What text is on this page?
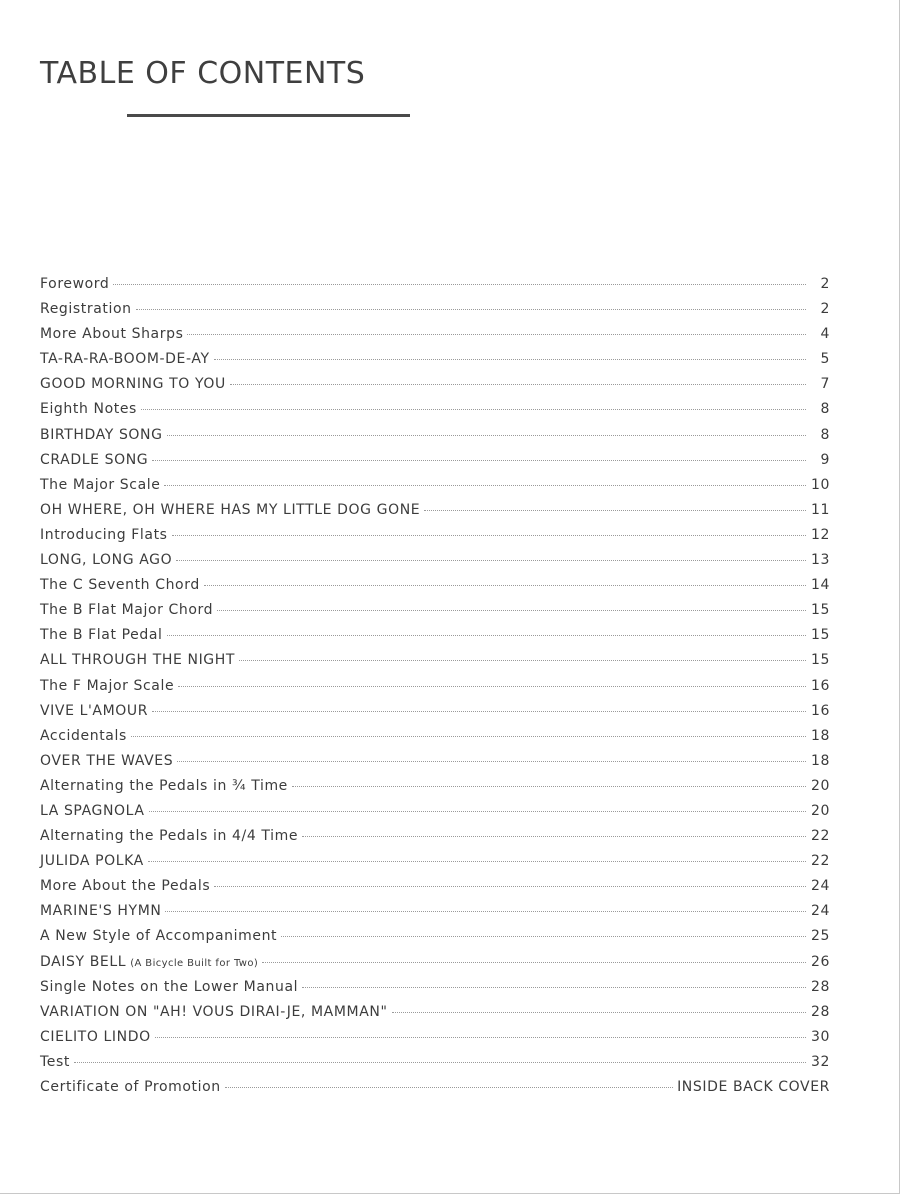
TABLE OF CONTENTS
Foreword	2
Registration	2
More About Sharps	4
TA-RA-RA-BOOM-DE-AY	5
GOOD MORNING TO YOU	7
Eighth Notes	8
BIRTHDAY SONG	8
CRADLE SONG	9
The Major Scale	10
OH WHERE, OH WHERE HAS MY LITTLE DOG GONE	11
Introducing Flats	12
LONG, LONG AGO	13
The C Seventh Chord	14
The B Flat Major Chord	15
The B Flat Pedal	15
ALL THROUGH THE NIGHT	15
The F Major Scale	16
VIVE L'AMOUR	16
Accidentals	18
OVER THE WAVES	18
Alternating the Pedals in ¾ Time	20
LA SPAGNOLA	20
Alternating the Pedals in 4/4 Time	22
JULIDA POLKA	22
More About the Pedals	24
MARINE'S HYMN	24
A New Style of Accompaniment	25
DAISY BELL (A Bicycle Built for Two)	26
Single Notes on the Lower Manual	28
VARIATION ON "AH! VOUS DIRAI-JE, MAMMAN"	28
CIELITO LINDO	30
Test	32
Certificate of Promotion	INSIDE BACK COVER
